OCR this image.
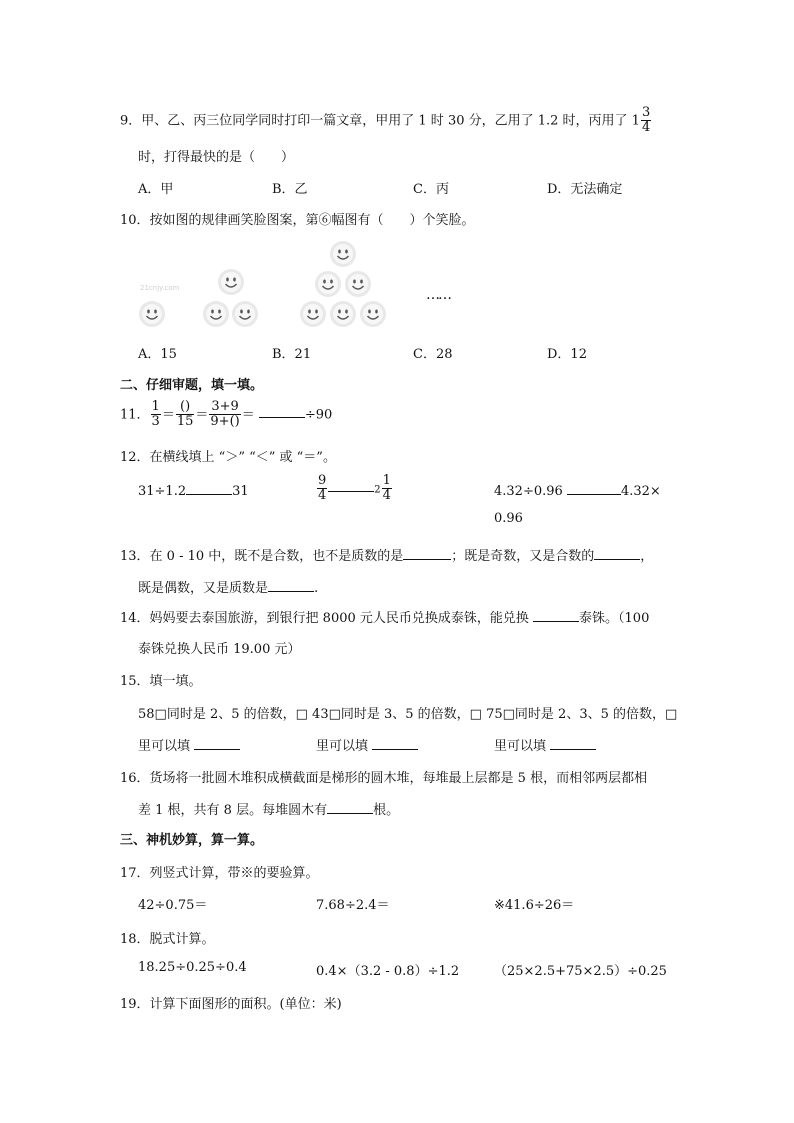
9．甲、乙、丙三位同学同时打印一篇文章，甲用了 1 时 30 分，乙用了 1.2 时，丙用了 $1 \frac{3}{4}$
时，打得最快的是（　　）
A．甲	B．乙	C．丙	D．无法确定
10．按如图的规律画笑脸图案，第⑥幅图有（　　）个笑脸。
21cnjy.com	……
A．15	B．21	C．28	D．12
二、仔细审题，填一填。
11． $\frac{1}{3} = \frac{()}{15} = \frac{3+9}{9+()}$ ＝	÷90
12．在横线填上 “＞” “＜” 或 “＝”。
31÷1.2	31	$\frac{9}{4}$	$2 \frac{1}{4}$	4.32÷0.96	4.32×
0.96
13．在 0 - 10 中，既不是合数，也不是质数的是	；既是奇数，又是合数的	，
既是偶数，又是质数是	.
14．妈妈要去泰国旅游，到银行把 8000 元人民币兑换成泰铢，能兑换	泰铢。（100
泰铢兑换人民币 19.00 元）
15．填一填。
58□同时是 2、5 的倍数，□ 43□同时是 3、5 的倍数，□ 75□同时是 2、3、5 的倍数，□
里可以填	里可以填	里可以填
16．货场将一批圆木堆积成横截面是梯形的圆木堆，每堆最上层都是 5 根，而相邻两层都相
差 1 根，共有 8 层。每堆圆木有	根。
三、神机妙算，算一算。
17．列竖式计算，带※的要验算。
42÷0.75＝	7.68÷2.4＝	※41.6÷26＝
18．脱式计算。
18.25÷0.25÷0.4	0.4×（3.2 - 0.8）÷1.2	（25×2.5+75×2.5）÷0.25
19．计算下面图形的面积。(单位：米)
